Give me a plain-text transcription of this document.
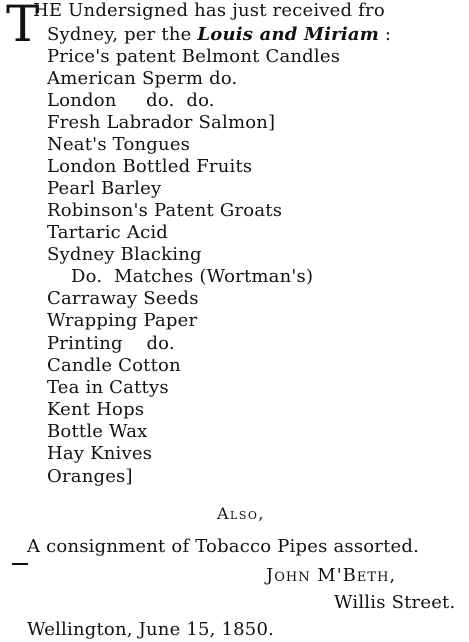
T
HE Undersigned has just received fro
Sydney, per the Louis and Miriam :
Price's patent Belmont Candles
American Sperm do.
London     do.  do.
Fresh Labrador Salmon]
Neat's Tongues
London Bottled Fruits
Pearl Barley
Robinson's Patent Groats
Tartaric Acid
Sydney Blacking
Do.  Matches (Wortman's)
Carraway Seeds
Wrapping Paper
Printing    do.
Candle Cotton
Tea in Cattys
Kent Hops
Bottle Wax
Hay Knives
Oranges]
Also,
A consignment of Tobacco Pipes assorted.
John M'Beth,
Willis Street.
Wellington, June 15, 1850.
